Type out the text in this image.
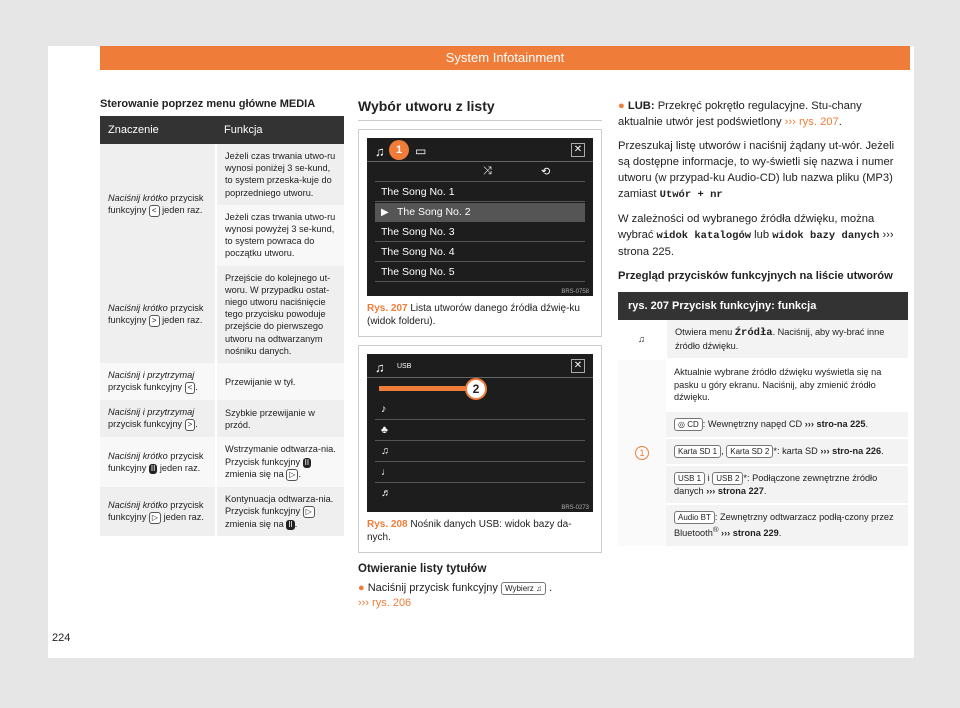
System Infotainment
Sterowanie poprzez menu główne MEDIA
Znaczenie	Funkcja
Naciśnij krótko przycisk funkcyjny < jeden raz.	Jeżeli czas trwania utwo-ru wynosi poniżej 3 se-kund, to system przeska-kuje do poprzedniego utworu.
	Jeżeli czas trwania utwo-ru wynosi powyżej 3 se-kund, to system powraca do początku utworu.
Naciśnij krótko przycisk funkcyjny > jeden raz.	Przejście do kolejnego ut-woru. W przypadku ostat-niego utworu naciśnięcie tego przycisku powoduje przejście do pierwszego utworu na odtwarzanym nośniku danych.
Naciśnij i przytrzymaj przycisk funkcyjny < .	Przewijanie w tył.
Naciśnij i przytrzymaj przycisk funkcyjny > .	Szybkie przewijanie w przód.
Naciśnij krótko przycisk funkcyjny II jeden raz.	Wstrzymanie odtwarza-nia. Przycisk funkcyjny II zmienia się na ▷ .
Naciśnij krótko przycisk funkcyjny ▷ jeden raz.	Kontynuacja odtwarza-nia. Przycisk funkcyjny ▷ zmienia się na II .
Wybór utworu z listy
♫	▭
1	✕
⤨	⟲
The Song No. 1
▶ The Song No. 2
The Song No. 3
The Song No. 4
The Song No. 5
BRS-0758
Rys. 207 Lista utworów danego źródła dźwię-ku (widok folderu).
♫ USB	✕
2
♪
♣
♫
♩
♬
BRS-0273
Rys. 208 Nośnik danych USB: widok bazy da-nych.
Otwieranie listy tytułów
● Naciśnij przycisk funkcyjny Wybierz ♫ .
››› rys. 206
● LUB: Przekręć pokrętło regulacyjne. Stu-chany aktualnie utwór jest podświetlony ››› rys. 207.
Przeszukaj listę utworów i naciśnij żądany ut-wór. Jeżeli są dostępne informacje, to wy-świetli się nazwa i numer utworu (w przypad-ku Audio-CD) lub nazwa pliku (MP3) zamiast Utwór + nr
W zależności od wybranego źródła dźwięku, można wybrać widok katalogów lub widok bazy danych ››› strona 225.
Przegląd przycisków funkcyjnych na liście utworów
rys. 207 Przycisk funkcyjny: funkcja	
♫	Otwiera menu Źródła. Naciśnij, aby wy-brać inne źródło dźwięku.
1	Aktualnie wybrane źródło dźwięku wyświetla się na pasku u góry ekranu. Naciśnij, aby zmienić źródło dźwięku.
	◎ CD : Wewnętrzny napęd CD ››› stro-na 225.
	Karta SD 1 , Karta SD 2 *: karta SD ››› stro-na 226.
	USB 1 i USB 2 *: Podłączone zewnętrzne źródło danych ››› strona 227.
	Audio BT : Zewnętrzny odtwarzacz podłą-czony przez Bluetooth® ››› strona 229.
224
